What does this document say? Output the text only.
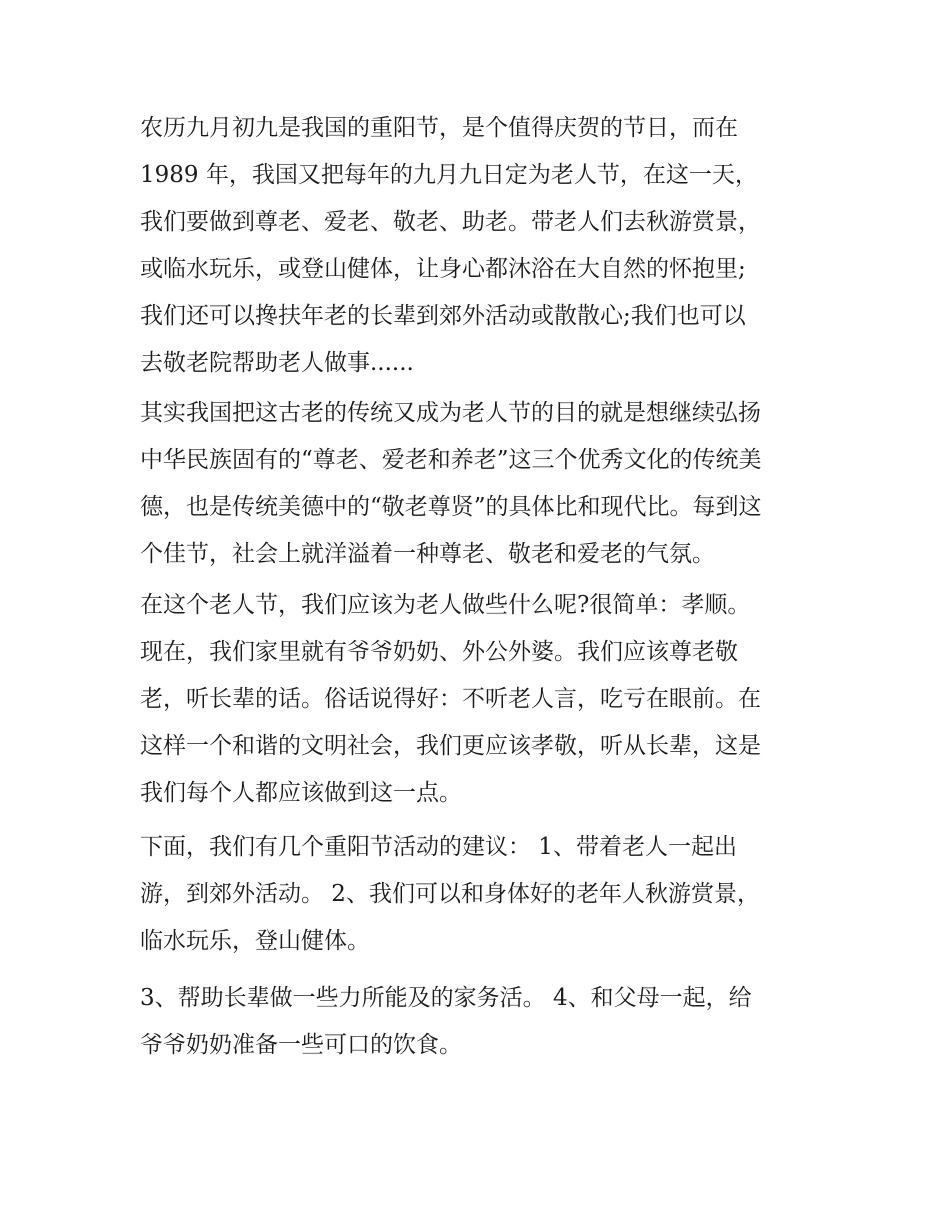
农历九月初九是我国的重阳节，是个值得庆贺的节日，而在
1989 年，我国又把每年的九月九日定为老人节，在这一天，
我们要做到尊老、爱老、敬老、助老。带老人们去秋游赏景，
或临水玩乐，或登山健体，让身心都沐浴在大自然的怀抱里;
我们还可以搀扶年老的长辈到郊外活动或散散心;我们也可以
去敬老院帮助老人做事......
其实我国把这古老的传统又成为老人节的目的就是想继续弘扬
中华民族固有的“尊老、爱老和养老”这三个优秀文化的传统美
德，也是传统美德中的“敬老尊贤”的具体比和现代比。每到这
个佳节，社会上就洋溢着一种尊老、敬老和爱老的气氛。
在这个老人节，我们应该为老人做些什么呢?很简单：孝顺。
现在，我们家里就有爷爷奶奶、外公外婆。我们应该尊老敬
老，听长辈的话。俗话说得好：不听老人言，吃亏在眼前。在
这样一个和谐的文明社会，我们更应该孝敬，听从长辈，这是
我们每个人都应该做到这一点。
下面，我们有几个重阳节活动的建议： 1、带着老人一起出
游，到郊外活动。 2、我们可以和身体好的老年人秋游赏景，
临水玩乐，登山健体。
3、帮助长辈做一些力所能及的家务活。 4、和父母一起，给
爷爷奶奶准备一些可口的饮食。
